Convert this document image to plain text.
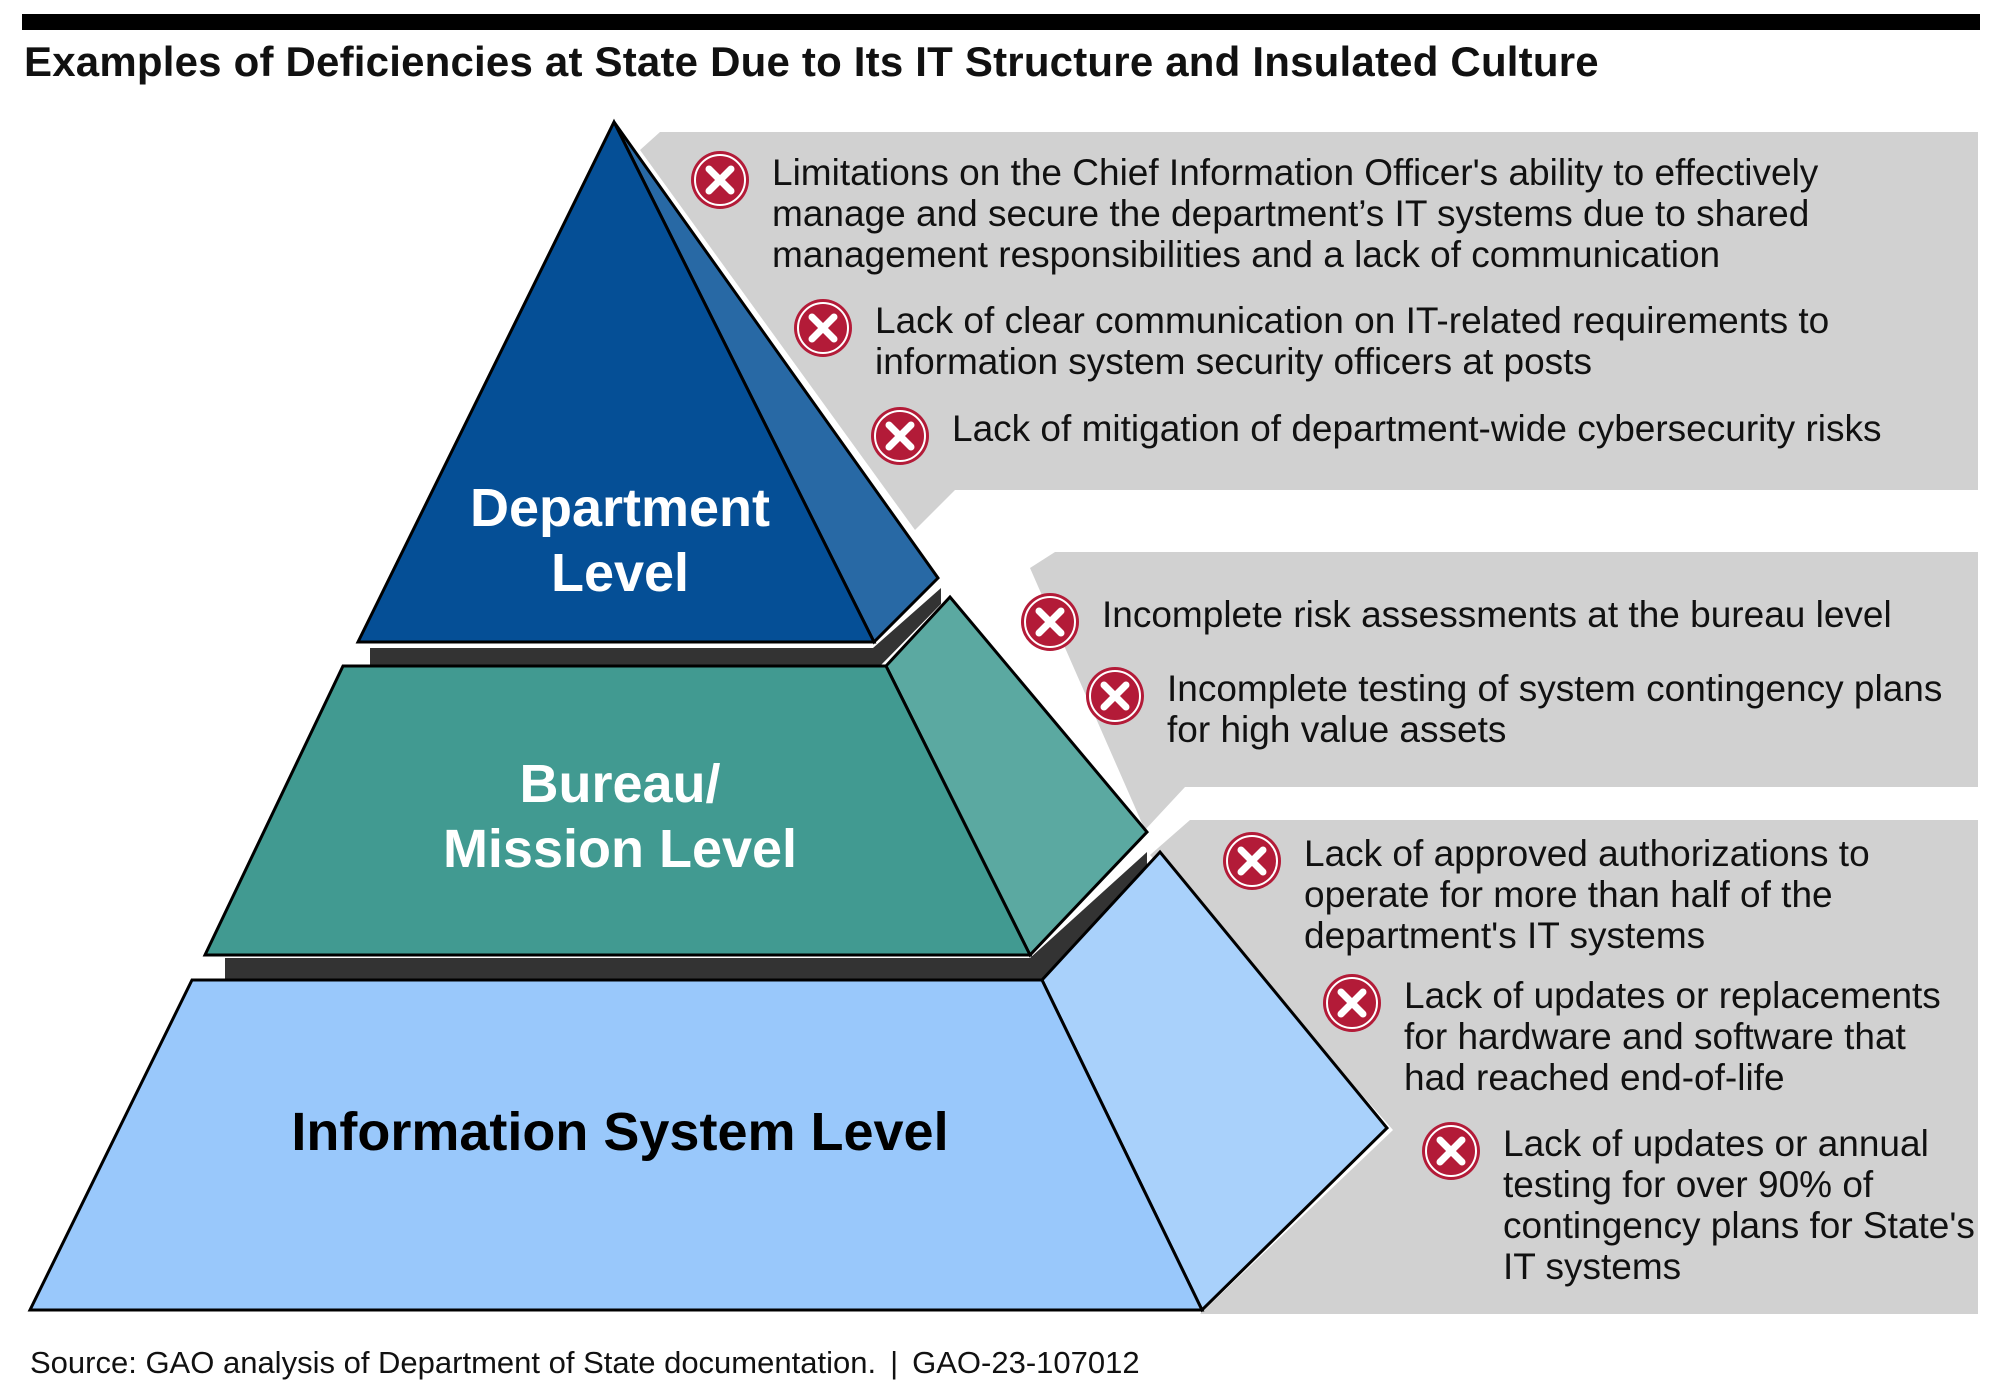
Examples of Deficiencies at State Due to Its IT Structure and Insulated Culture
Department
Level
Bureau/
Mission Level
Information System Level
Limitations on the Chief Information Officer's ability to effectively manage and secure the department’s IT systems due to shared management responsibilities and a lack of communication
Lack of clear communication on IT-related requirements to information system security officers at posts
Lack of mitigation of department-wide cybersecurity risks
Incomplete risk assessments at the bureau level
Incomplete testing of system contingency plans for high value assets
Lack of approved authorizations to operate for more than half of the department's IT systems
Lack of updates or replacements for hardware and software that had reached end-of-life
Lack of updates or annual testing for over 90% of contingency plans for State's IT systems
Source: GAO analysis of Department of State documentation. | GAO-23-107012
